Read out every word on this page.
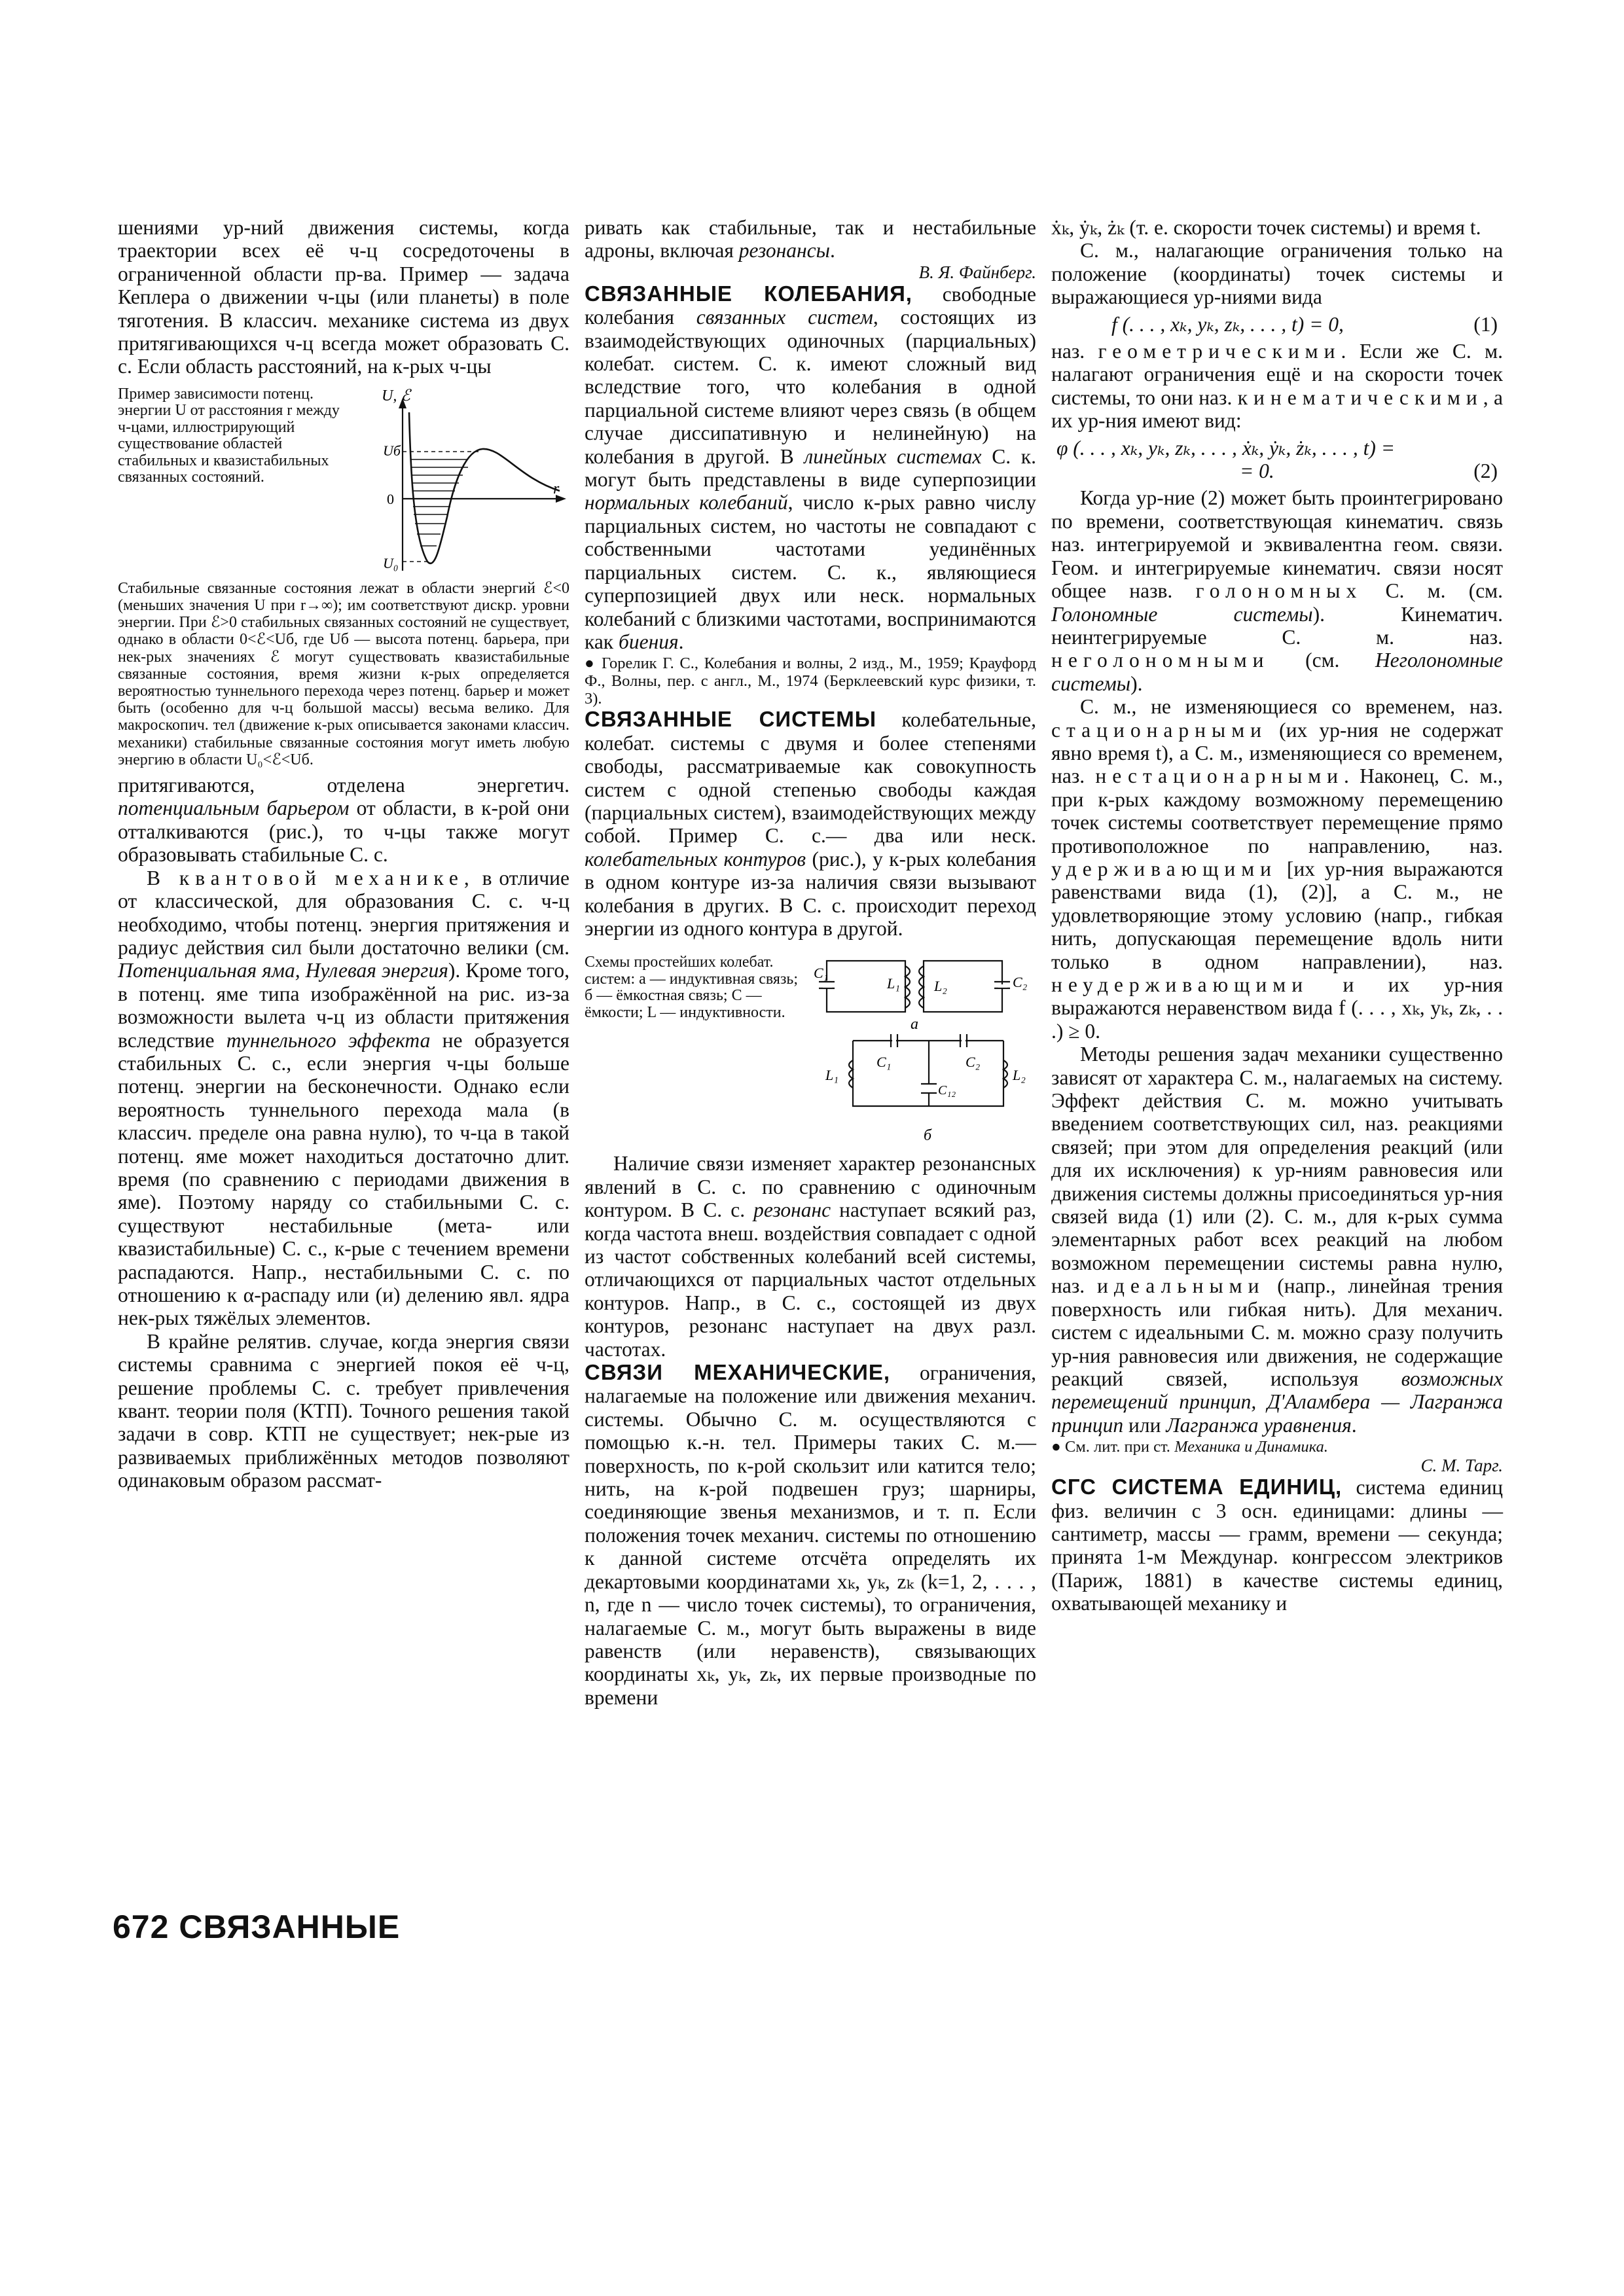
шениями ур-ний движения системы, когда траектории всех её ч-ц сосредоточены в ограниченной области пр-ва. Пример — задача Кеплера о движении ч-цы (или планеты) в поле тяготения. В классич. механике система из двух притягивающихся ч-ц всегда может образовать С. с. Если область расстояний, на к-рых ч-цы

Пример зависимости потенц. энергии U от расстояния r между ч-цами, иллюстрирующий существование областей стабильных и квазистабильных связанных состояний.
U, ℰ
r
Uб
0
U₀

Стабильные связанные состояния лежат в области энергий ℰ<0 (меньших значения U при r→∞); им соответствуют дискр. уровни энергии. При ℰ>0 стабильных связанных состояний не существует, однако в области 0<ℰ<Uб, где Uб — высота потенц. барьера, при нек-рых значениях ℰ могут существовать квазистабильные связанные состояния, время жизни к-рых определяется вероятностью туннельного перехода через потенц. барьер и может быть (особенно для ч-ц большой массы) весьма велико. Для макроскопич. тел (движение к-рых описывается законами классич. механики) стабильные связанные состояния могут иметь любую энергию в области U₀<ℰ<Uб.

притягиваются, отделена энергетич. потенциальным барьером от области, в к-рой они отталкиваются (рис.), то ч-цы также могут образовывать стабильные С. с.

В квантовой механике, в отличие от классической, для образования С. с. ч-ц необходимо, чтобы потенц. энергия притяжения и радиус действия сил были достаточно велики (см. Потенциальная яма, Нулевая энергия). Кроме того, в потенц. яме типа изображённой на рис. из-за возможности вылета ч-ц из области притяжения вследствие туннельного эффекта не образуется стабильных С. с., если энергия ч-цы больше потенц. энергии на бесконечности. Однако если вероятность туннельного перехода мала (в классич. пределе она равна нулю), то ч-ца в такой потенц. яме может находиться достаточно длит. время (по сравнению с периодами движения в яме). Поэтому наряду со стабильными С. с. существуют нестабильные (мета- или квазистабильные) С. с., к-рые с течением времени распадаются. Напр., нестабильными С. с. по отношению к α-распаду или (и) делению явл. ядра нек-рых тяжёлых элементов.

В крайне релятив. случае, когда энергия связи системы сравнима с энергией покоя её ч-ц, решение проблемы С. с. требует привлечения квант. теории поля (КТП). Точного решения такой задачи в совр. КТП не существует; нек-рые из развиваемых приближённых методов позволяют одинаковым образом рассмат-

ривать как стабильные, так и нестабильные адроны, включая резонансы.

В. Я. Файнберг.

СВЯЗАННЫЕ КОЛЕБАНИЯ, свободные колебания связанных систем, состоящих из взаимодействующих одиночных (парциальных) колебат. систем. С. к. имеют сложный вид вследствие того, что колебания в одной парциальной системе влияют через связь (в общем случае диссипативную и нелинейную) на колебания в другой. В линейных системах С. к. могут быть представлены в виде суперпозиции нормальных колебаний, число к-рых равно числу парциальных систем, но частоты не совпадают с собственными частотами уединённых парциальных систем. С. к., являющиеся суперпозицией двух или неск. нормальных колебаний с близкими частотами, воспринимаются как биения.

● Горелик Г. С., Колебания и волны, 2 изд., М., 1959; Крауфорд Ф., Волны, пер. с англ., М., 1974 (Берклеевский курс физики, т. 3).

СВЯЗАННЫЕ СИСТЕМЫ колебательные, колебат. системы с двумя и более степенями свободы, рассматриваемые как совокупность систем с одной степенью свободы каждая (парциальных систем), взаимодействующих между собой. Пример С. с.— два или неск. колебательных контуров (рис.), у к-рых колебания в одном контуре из-за наличия связи вызывают колебания в других. В С. с. происходит переход энергии из одного контура в другой.

Схемы простейших колебат. систем: а — индуктивная связь; б — ёмкостная связь; С — ёмкости; L — индуктивности.
C₁
L₁ L₂	C₂
а
C₁	C₂
L₁	L₂
C₁₂
б

Наличие связи изменяет характер резонансных явлений в С. с. по сравнению с одиночным контуром. В С. с. резонанс наступает всякий раз, когда частота внеш. воздействия совпадает с одной из частот собственных колебаний всей системы, отличающихся от парциальных частот отдельных контуров. Напр., в С. с., состоящей из двух контуров, резонанс наступает на двух разл. частотах.

СВЯЗИ МЕХАНИЧЕСКИЕ, ограничения, налагаемые на положение или движения механич. системы. Обычно С. м. осуществляются с помощью к.-н. тел. Примеры таких С. м.— поверхность, по к-рой скользит или катится тело; нить, на к-рой подвешен груз; шарниры, соединяющие звенья механизмов, и т. п. Если положения точек механич. системы по отношению к данной системе отсчёта определять их декартовыми координатами xₖ, yₖ, zₖ (k=1, 2, . . . , n, где n — число точек системы), то ограничения, налагаемые С. м., могут быть выражены в виде равенств (или неравенств), связывающих координаты xₖ, yₖ, zₖ, их первые производные по времени

ẋₖ, ẏₖ, żₖ (т. е. скорости точек системы) и время t.

С. м., налагающие ограничения только на положение (координаты) точек системы и выражающиеся ур-ниями вида

f (. . . , xₖ, yₖ, zₖ, . . . , t) = 0,	(1)

наз. геометрическими. Если же С. м. налагают ограничения ещё и на скорости точек системы, то они наз. кинематическими, а их ур-ния имеют вид:

φ (. . . , xₖ, yₖ, zₖ, . . . , ẋₖ, ẏₖ, żₖ, . . . , t) =
= 0.	(2)

Когда ур-ние (2) может быть проинтегрировано по времени, соответствующая кинематич. связь наз. интегрируемой и эквивалентна геом. связи. Геом. и интегрируемые кинематич. связи носят общее назв. голономных С. м. (см. Голономные системы). Кинематич. неинтегрируемые С. м. наз. неголономными (см. Неголономные системы).

С. м., не изменяющиеся со временем, наз. стационарными (их ур-ния не содержат явно время t), а С. м., изменяющиеся со временем, наз. нестационарными. Наконец, С. м., при к-рых каждому возможному перемещению точек системы соответствует перемещение прямо противоположное по направлению, наз. удерживающими [их ур-ния выражаются равенствами вида (1), (2)], а С. м., не удовлетворяющие этому условию (напр., гибкая нить, допускающая перемещение вдоль нити только в одном направлении), наз. неудерживающими и их ур-ния выражаются неравенством вида f (. . . , xₖ, yₖ, zₖ, . . .) ≥ 0.

Методы решения задач механики существенно зависят от характера С. м., налагаемых на систему. Эффект действия С. м. можно учитывать введением соответствующих сил, наз. реакциями связей; при этом для определения реакций (или для их исключения) к ур-ниям равновесия или движения системы должны присоединяться ур-ния связей вида (1) или (2). С. м., для к-рых сумма элементарных работ всех реакций на любом возможном перемещении системы равна нулю, наз. идеальными (напр., линейная трения поверхность или гибкая нить). Для механич. систем с идеальными С. м. можно сразу получить ур-ния равновесия или движения, не содержащие реакций связей, используя возможных перемещений принцип, Д'Аламбера — Лагранжа принцип или Лагранжа уравнения.

● См. лит. при ст. Механика и Динамика.

С. М. Тарг.

СГС СИСТЕМА ЕДИНИЦ, система единиц физ. величин с 3 осн. единицами: длины — сантиметр, массы — грамм, времени — секунда; принята 1-м Междунар. конгрессом электриков (Париж, 1881) в качестве системы единиц, охватывающей механику и

672 СВЯЗАННЫЕ
